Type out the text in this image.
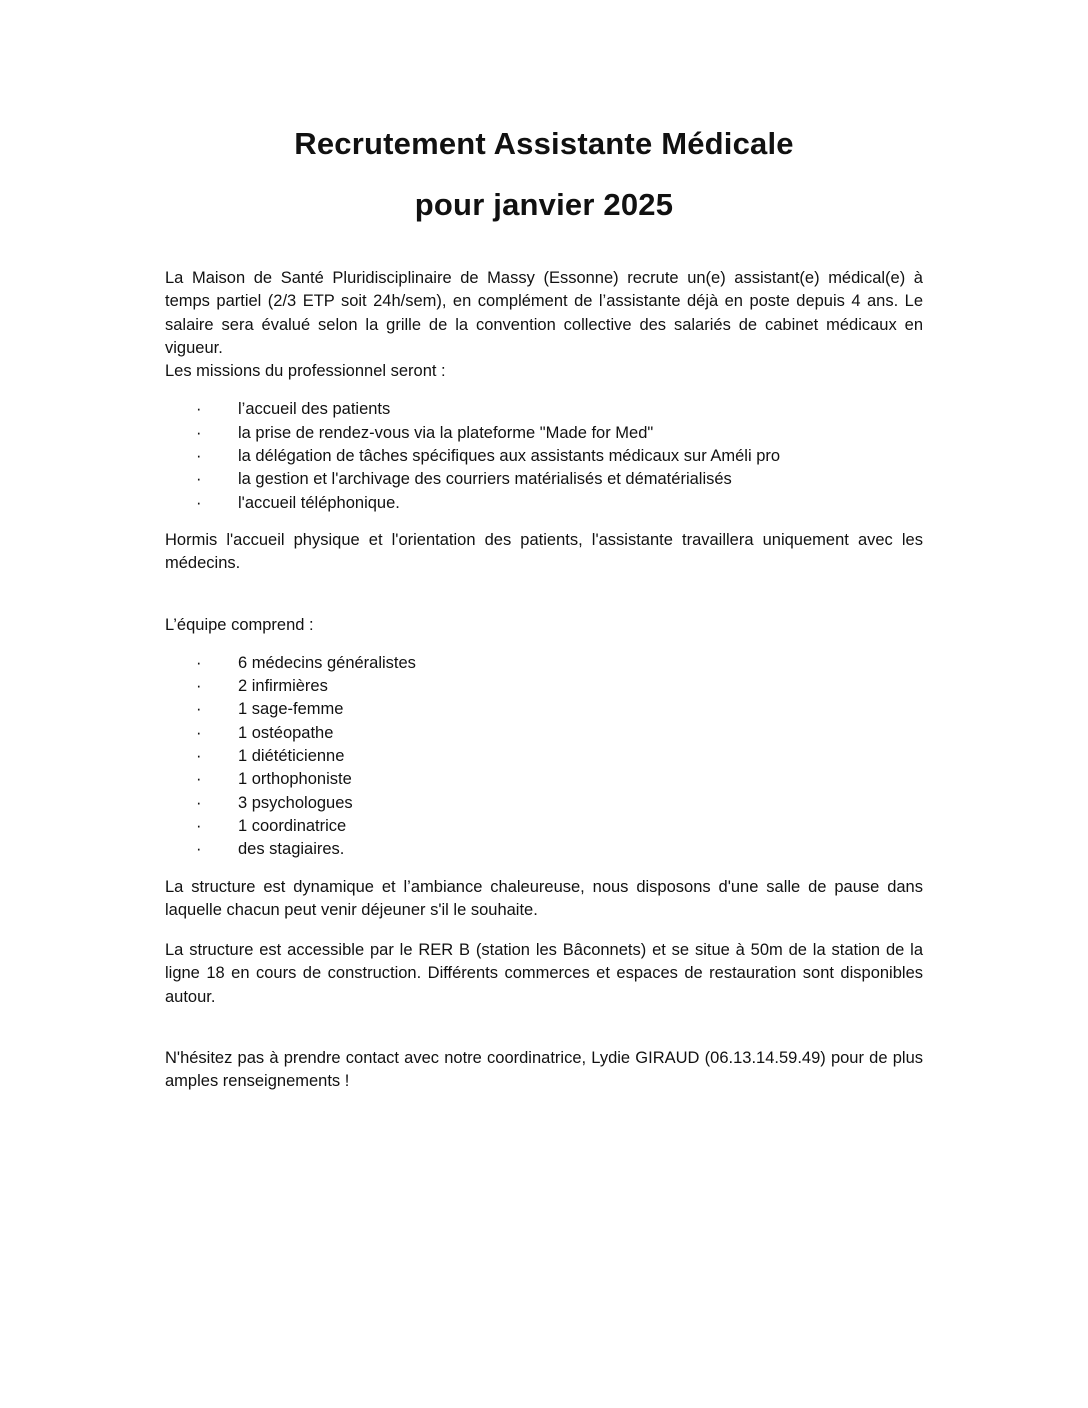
Recrutement Assistante Médicale
pour janvier 2025

La Maison de Santé Pluridisciplinaire de Massy (Essonne) recrute un(e) assistant(e) médical(e) à temps partiel (2/3 ETP soit 24h/sem), en complément de l’assistante déjà en poste depuis 4 ans. Le salaire sera évalué selon la grille de la convention collective des salariés de cabinet médicaux en vigueur.

Les missions du professionnel seront :

· l’accueil des patients
· la prise de rendez-vous via la plateforme "Made for Med"
· la délégation de tâches spécifiques aux assistants médicaux sur Améli pro
· la gestion et l'archivage des courriers matérialisés et dématérialisés
· l'accueil téléphonique.

Hormis l'accueil physique et l'orientation des patients, l'assistante travaillera uniquement avec les médecins.

L’équipe comprend :

· 6 médecins généralistes
· 2 infirmières
· 1 sage-femme
· 1 ostéopathe
· 1 diététicienne
· 1 orthophoniste
· 3 psychologues
· 1 coordinatrice
· des stagiaires.

La structure est dynamique et l’ambiance chaleureuse, nous disposons d'une salle de pause dans laquelle chacun peut venir déjeuner s'il le souhaite.

La structure est accessible par le RER B (station les Bâconnets) et se situe à 50m de la station de la ligne 18 en cours de construction. Différents commerces et espaces de restauration sont disponibles autour.

N'hésitez pas à prendre contact avec notre coordinatrice, Lydie GIRAUD (06.13.14.59.49) pour de plus amples renseignements !
